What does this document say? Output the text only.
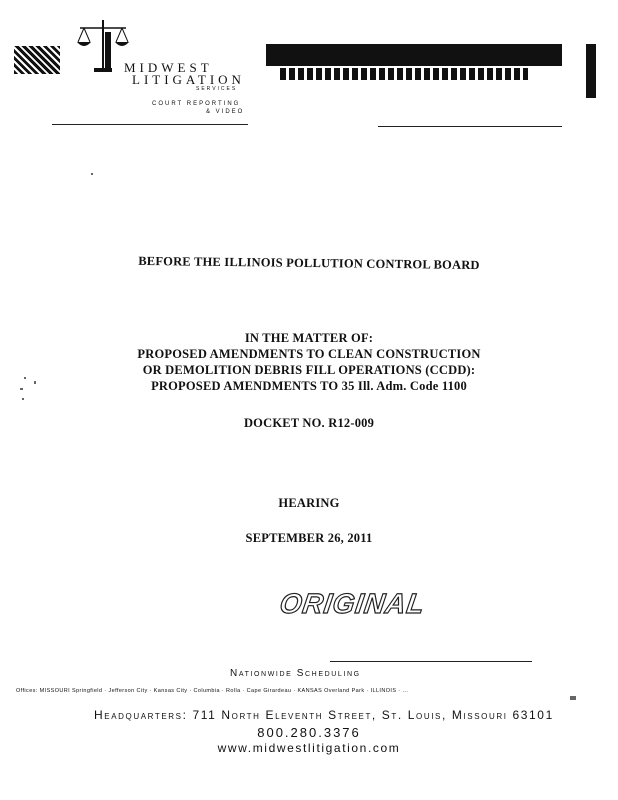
MIDWEST
LITIGATION
SERVICES
COURT REPORTING
& VIDEO
BEFORE THE ILLINOIS POLLUTION CONTROL BOARD
IN THE MATTER OF:
PROPOSED AMENDMENTS TO CLEAN CONSTRUCTION
OR DEMOLITION DEBRIS FILL OPERATIONS (CCDD):
PROPOSED AMENDMENTS TO 35 Ill. Adm. Code 1100
DOCKET NO. R12-009
HEARING
SEPTEMBER 26, 2011
ORIGINAL
Nationwide Scheduling
Offices: MISSOURI Springfield · Jefferson City · Kansas City · Columbia · Rolla · Cape Girardeau · KANSAS Overland Park · ILLINOIS · ...
Headquarters: 711 North Eleventh Street, St. Louis, Missouri 63101
800.280.3376
www.midwestlitigation.com
